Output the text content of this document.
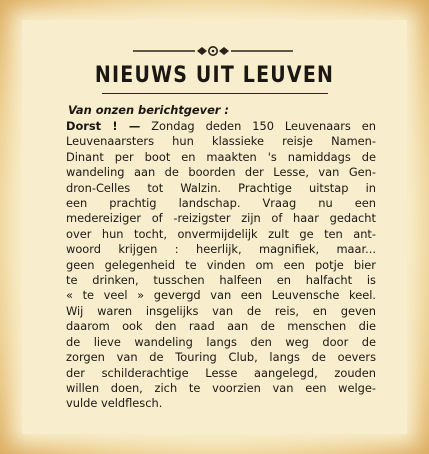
NIEUWS UIT LEUVEN
Van onzen berichtgever :
Dorst ! — Zondag deden 150 Leuvenaars en
Leuvenaarsters hun klassieke reisje Namen-
Dinant per boot en maakten 's namiddags de
wandeling aan de boorden der Lesse, van Gen-
dron-Celles tot Walzin. Prachtige uitstap in
een prachtig landschap. Vraag nu een
medereiziger of -reizigster zijn of haar gedacht
over hun tocht, onvermijdelijk zult ge ten ant-
woord krijgen : heerlijk, magnifiek, maar...
geen gelegenheid te vinden om een potje bier
te drinken, tusschen halfeen en halfacht is
« te veel » gevergd van een Leuvensche keel.
Wij waren insgelijks van de reis, en geven
daarom ook den raad aan de menschen die
de lieve wandeling langs den weg door de
zorgen van de Touring Club, langs de oevers
der schilderachtige Lesse aangelegd, zouden
willen doen, zich te voorzien van een welge-
vulde veldflesch.
